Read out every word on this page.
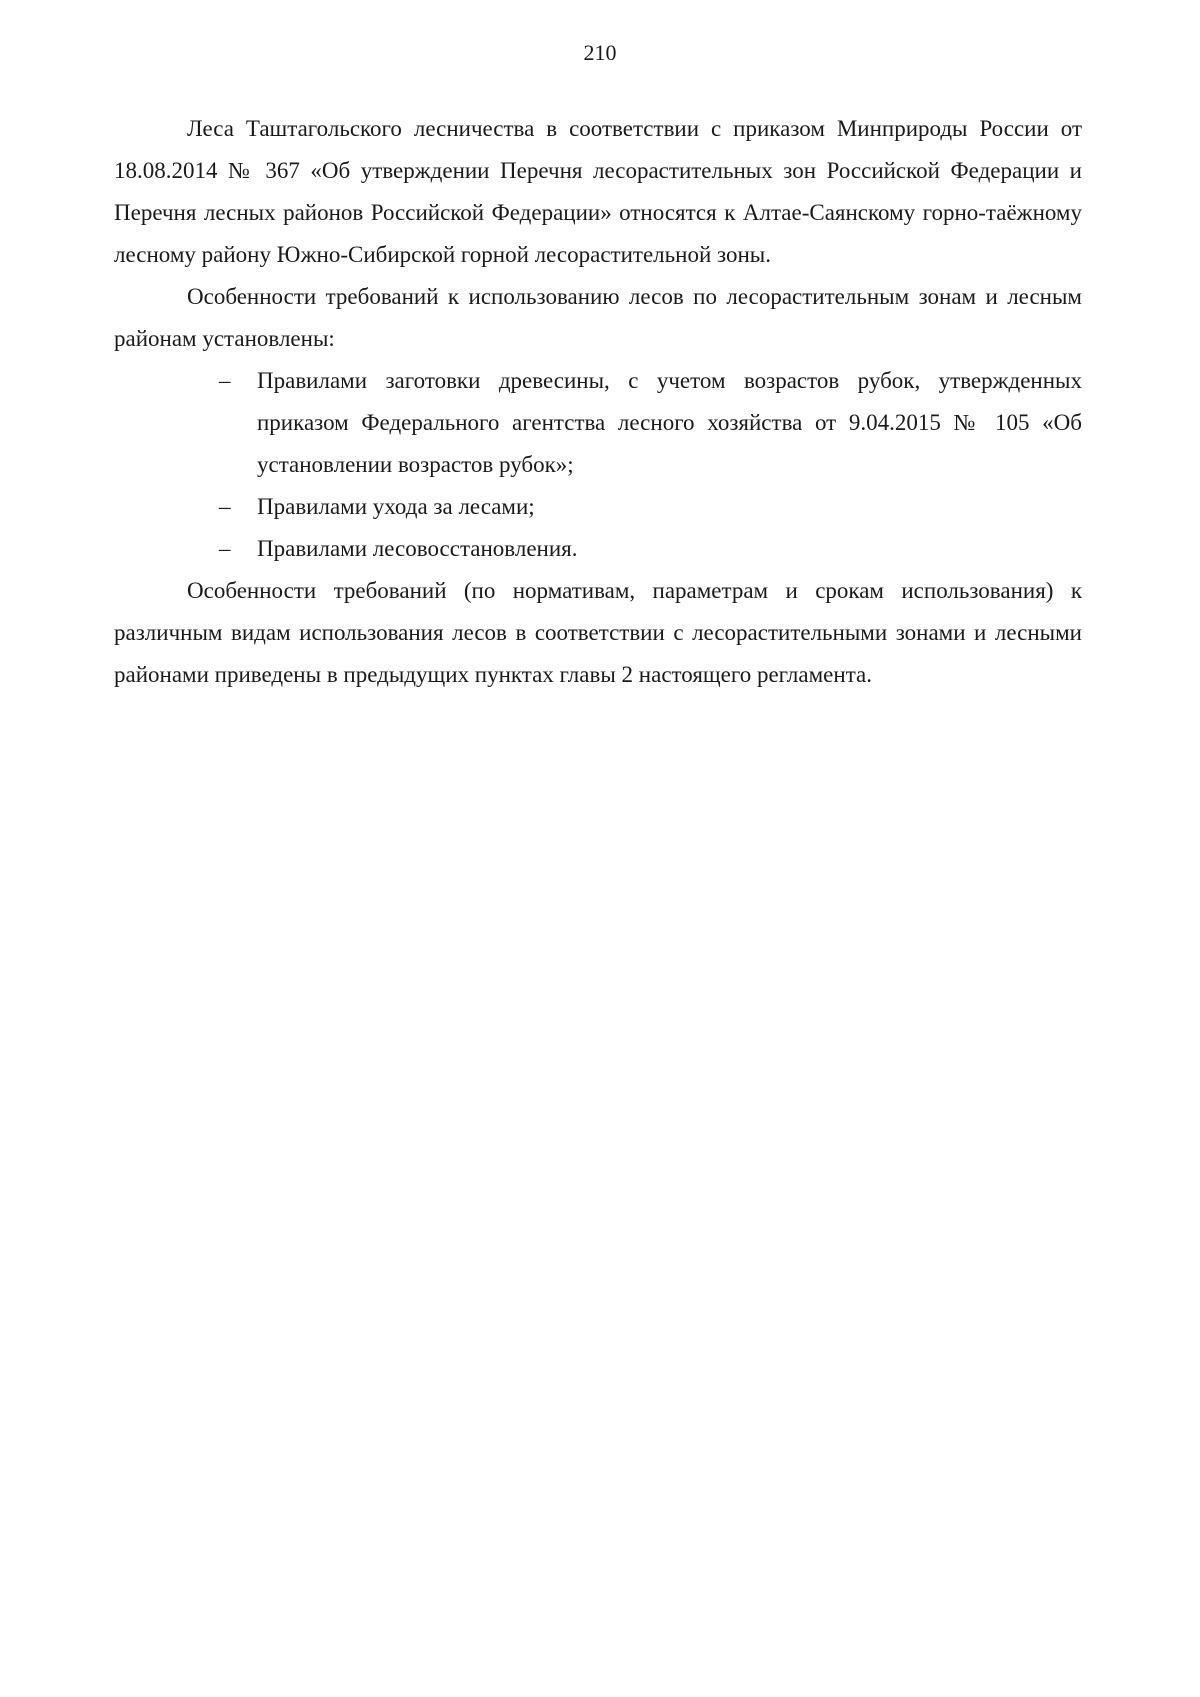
210

Леса Таштагольского лесничества в соответствии с приказом Минприроды России от 18.08.2014 № 367 «Об утверждении Перечня лесорастительных зон Российской Федерации и Перечня лесных районов Российской Федерации» относятся к Алтае-Саянскому горно-таёжному лесному району Южно-Сибирской горной лесорастительной зоны.

Особенности требований к использованию лесов по лесорастительным зонам и лесным районам установлены:

– Правилами заготовки древесины, с учетом возрастов рубок, утвержденных приказом Федерального агентства лесного хозяйства от 9.04.2015 № 105 «Об установлении возрастов рубок»;
– Правилами ухода за лесами;
– Правилами лесовосстановления.

Особенности требований (по нормативам, параметрам и срокам использования) к различным видам использования лесов в соответствии с лесорастительными зонами и лесными районами приведены в предыдущих пунктах главы 2 настоящего регламента.
